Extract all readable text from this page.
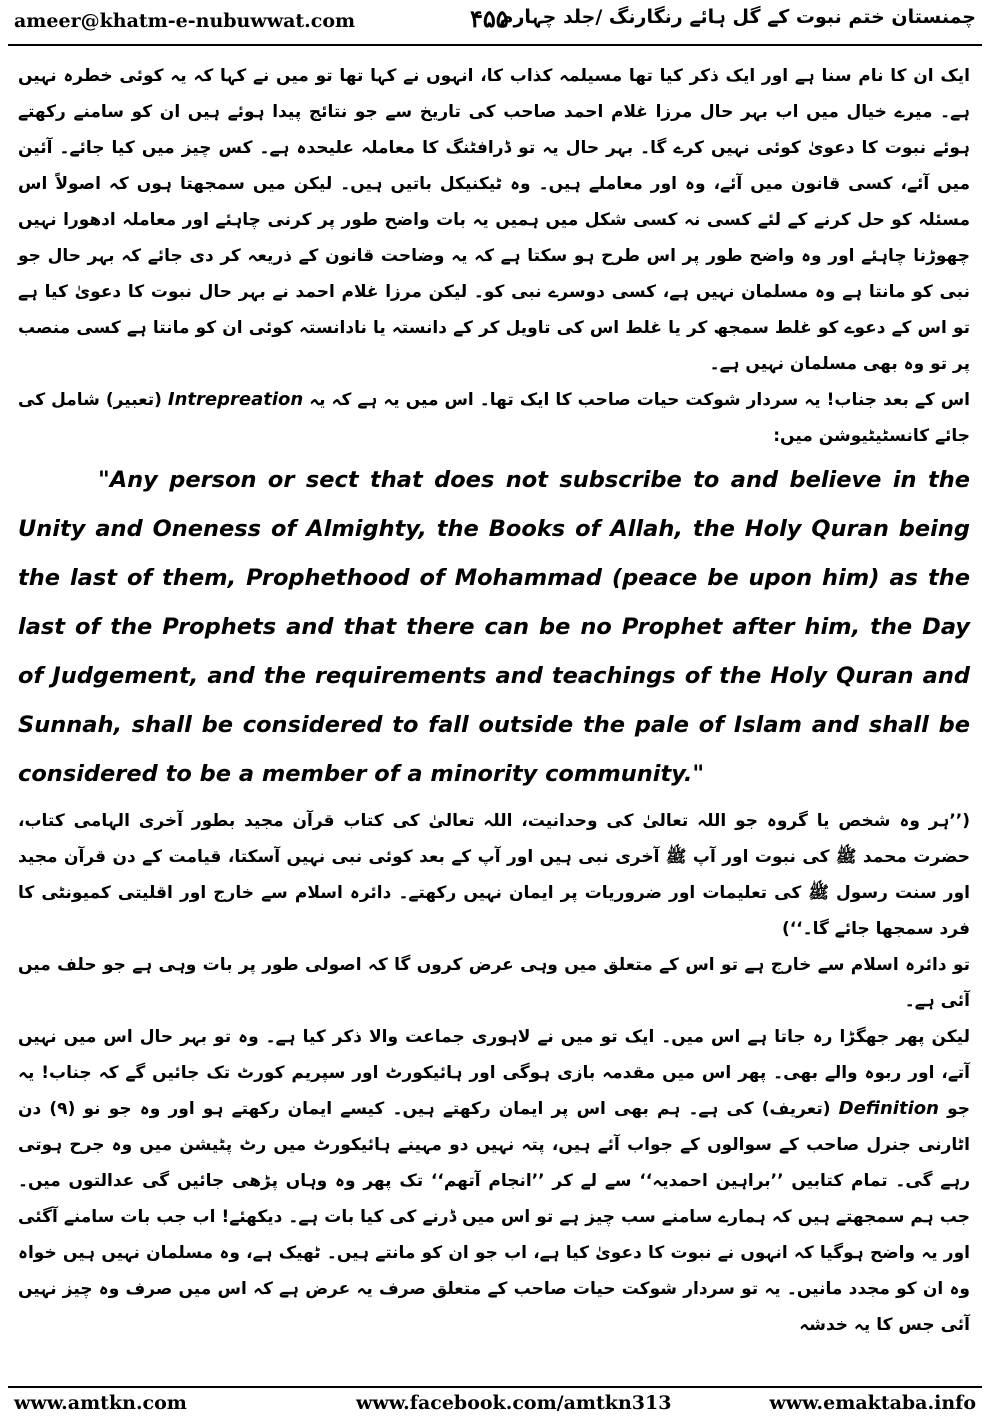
ameer@khatm-e-nubuwwat.com	۴۵۵
چمنستان ختم نبوت کے گل ہائے رنگارنگ /جلد چہارم

ایک ان کا نام سنا ہے اور ایک ذکر کیا تھا مسیلمہ کذاب کا، انہوں نے کہا تھا تو میں نے کہا کہ یہ کوئی خطرہ نہیں ہے۔ میرے خیال میں اب بہر حال مرزا غلام احمد صاحب کی تاریخ سے جو نتائج پیدا ہوئے ہیں ان کو سامنے رکھتے ہوئے نبوت کا دعویٰ کوئی نہیں کرے گا۔ بہر حال یہ تو ڈرافٹنگ کا معاملہ علیحدہ ہے۔ کس چیز میں کیا جائے۔ آئین میں آئے، کسی قانون میں آئے، وہ اور معاملے ہیں۔ وہ ٹیکنیکل باتیں ہیں۔ لیکن میں سمجھتا ہوں کہ اصولاً اس مسئلہ کو حل کرنے کے لئے کسی نہ کسی شکل میں ہمیں یہ بات واضح طور پر کرنی چاہئے اور معاملہ ادھورا نہیں چھوڑنا چاہئے اور وہ واضح طور پر اس طرح ہو سکتا ہے کہ یہ وضاحت قانون کے ذریعہ کر دی جائے کہ بہر حال جو نبی کو مانتا ہے وہ مسلمان نہیں ہے، کسی دوسرے نبی کو۔ لیکن مرزا غلام احمد نے بہر حال نبوت کا دعویٰ کیا ہے تو اس کے دعوے کو غلط سمجھ کر یا غلط اس کی تاویل کر کے دانستہ یا نادانستہ کوئی ان کو مانتا ہے کسی منصب پر تو وہ بھی مسلمان نہیں ہے۔

اس کے بعد جناب! یہ سردار شوکت حیات صاحب کا ایک تھا۔ اس میں یہ ہے کہ یہ Intrepreation (تعبیر) شامل کی جائے کانسٹیٹیوشن میں:

"Any person or sect that does not subscribe to and believe in the Unity and Oneness of Almighty, the Books of Allah, the Holy Quran being the last of them, Prophethood of Mohammad (peace be upon him) as the last of the Prophets and that there can be no Prophet after him, the Day of Judgement, and the requirements and teachings of the Holy Quran and Sunnah, shall be considered to fall outside the pale of Islam and shall be considered to be a member of a minority community."

(’’ہر وہ شخص یا گروہ جو اللہ تعالیٰ کی وحدانیت، اللہ تعالیٰ کی کتاب قرآن مجید بطور آخری الہامی کتاب، حضرت محمد ﷺ کی نبوت اور آپ ﷺ آخری نبی ہیں اور آپ کے بعد کوئی نبی نہیں آسکتا، قیامت کے دن قرآن مجید اور سنت رسول ﷺ کی تعلیمات اور ضروریات پر ایمان نہیں رکھتے۔ دائرہ اسلام سے خارج اور اقلیتی کمیونٹی کا فرد سمجھا جائے گا۔‘‘)

تو دائرہ اسلام سے خارج ہے تو اس کے متعلق میں وہی عرض کروں گا کہ اصولی طور پر بات وہی ہے جو حلف میں آئی ہے۔

لیکن پھر جھگڑا رہ جاتا ہے اس میں۔ ایک تو میں نے لاہوری جماعت والا ذکر کیا ہے۔ وہ تو بہر حال اس میں نہیں آتے، اور ربوہ والے بھی۔ پھر اس میں مقدمہ بازی ہوگی اور ہائیکورٹ اور سپریم کورٹ تک جائیں گے کہ جناب! یہ جو Definition (تعریف) کی ہے۔ ہم بھی اس پر ایمان رکھتے ہیں۔ کیسے ایمان رکھتے ہو اور وہ جو نو (۹) دن اٹارنی جنرل صاحب کے سوالوں کے جواب آئے ہیں، پتہ نہیں دو مہینے ہائیکورٹ میں رٹ پٹیشن میں وہ جرح ہوتی رہے گی۔ تمام کتابیں ’’براہین احمدیہ‘‘ سے لے کر ’’انجام آتھم‘‘ تک پھر وہ وہاں پڑھی جائیں گی عدالتوں میں۔ جب ہم سمجھتے ہیں کہ ہمارے سامنے سب چیز ہے تو اس میں ڈرنے کی کیا بات ہے۔ دیکھئے! اب جب بات سامنے آگئی اور یہ واضح ہوگیا کہ انہوں نے نبوت کا دعویٰ کیا ہے، اب جو ان کو مانتے ہیں۔ ٹھیک ہے، وہ مسلمان نہیں ہیں خواہ وہ ان کو مجدد مانیں۔ یہ تو سردار شوکت حیات صاحب کے متعلق صرف یہ عرض ہے کہ اس میں صرف وہ چیز نہیں آئی جس کا یہ خدشہ

www.amtkn.com	www.facebook.com/amtkn313	www.emaktaba.info
